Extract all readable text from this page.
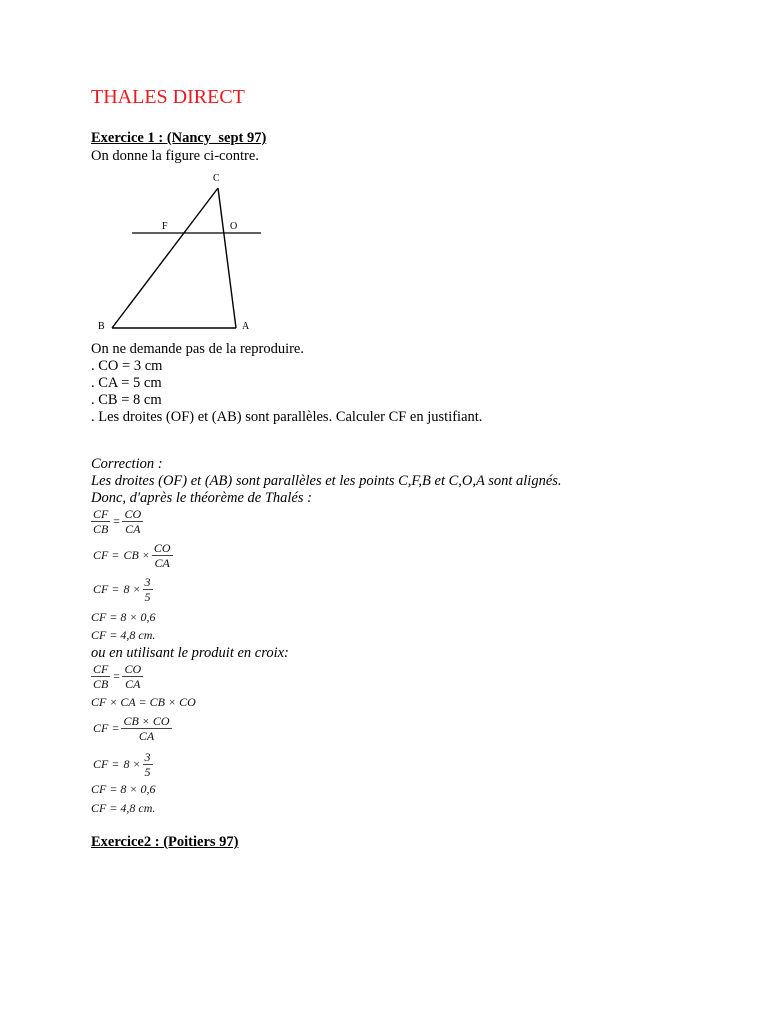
THALES DIRECT
Exercice 1 : (Nancy_sept 97)
On donne la figure ci-contre.
C
F	O
B	A
On ne demande pas de la reproduire.
. CO = 3 cm
. CA = 5 cm
. CB = 8 cm
. Les droites (OF) et (AB) sont parallèles. Calculer CF en justifiant.
Correction :
Les droites (OF) et (AB) sont parallèles et les points C,F,B et C,O,A sont alignés.
Donc, d'après le théorème de Thalés :
$\frac{CF}{CB} = \frac{CO}{CA}$
CF = CB × $\frac{CO}{CA}$
CF = $8 \times \frac{3}{5}$
CF = 8 × 0,6
CF = 4,8 cm.
ou en utilisant le produit en croix:
$\frac{CF}{CB} = \frac{CO}{CA}$
CF × CA = CB × CO
CF = $\frac{CB \times CO}{CA}$
CF = $8 \times \frac{3}{5}$
CF = 8 × 0,6
CF = 4,8 cm.
Exercice2 : (Poitiers 97)
